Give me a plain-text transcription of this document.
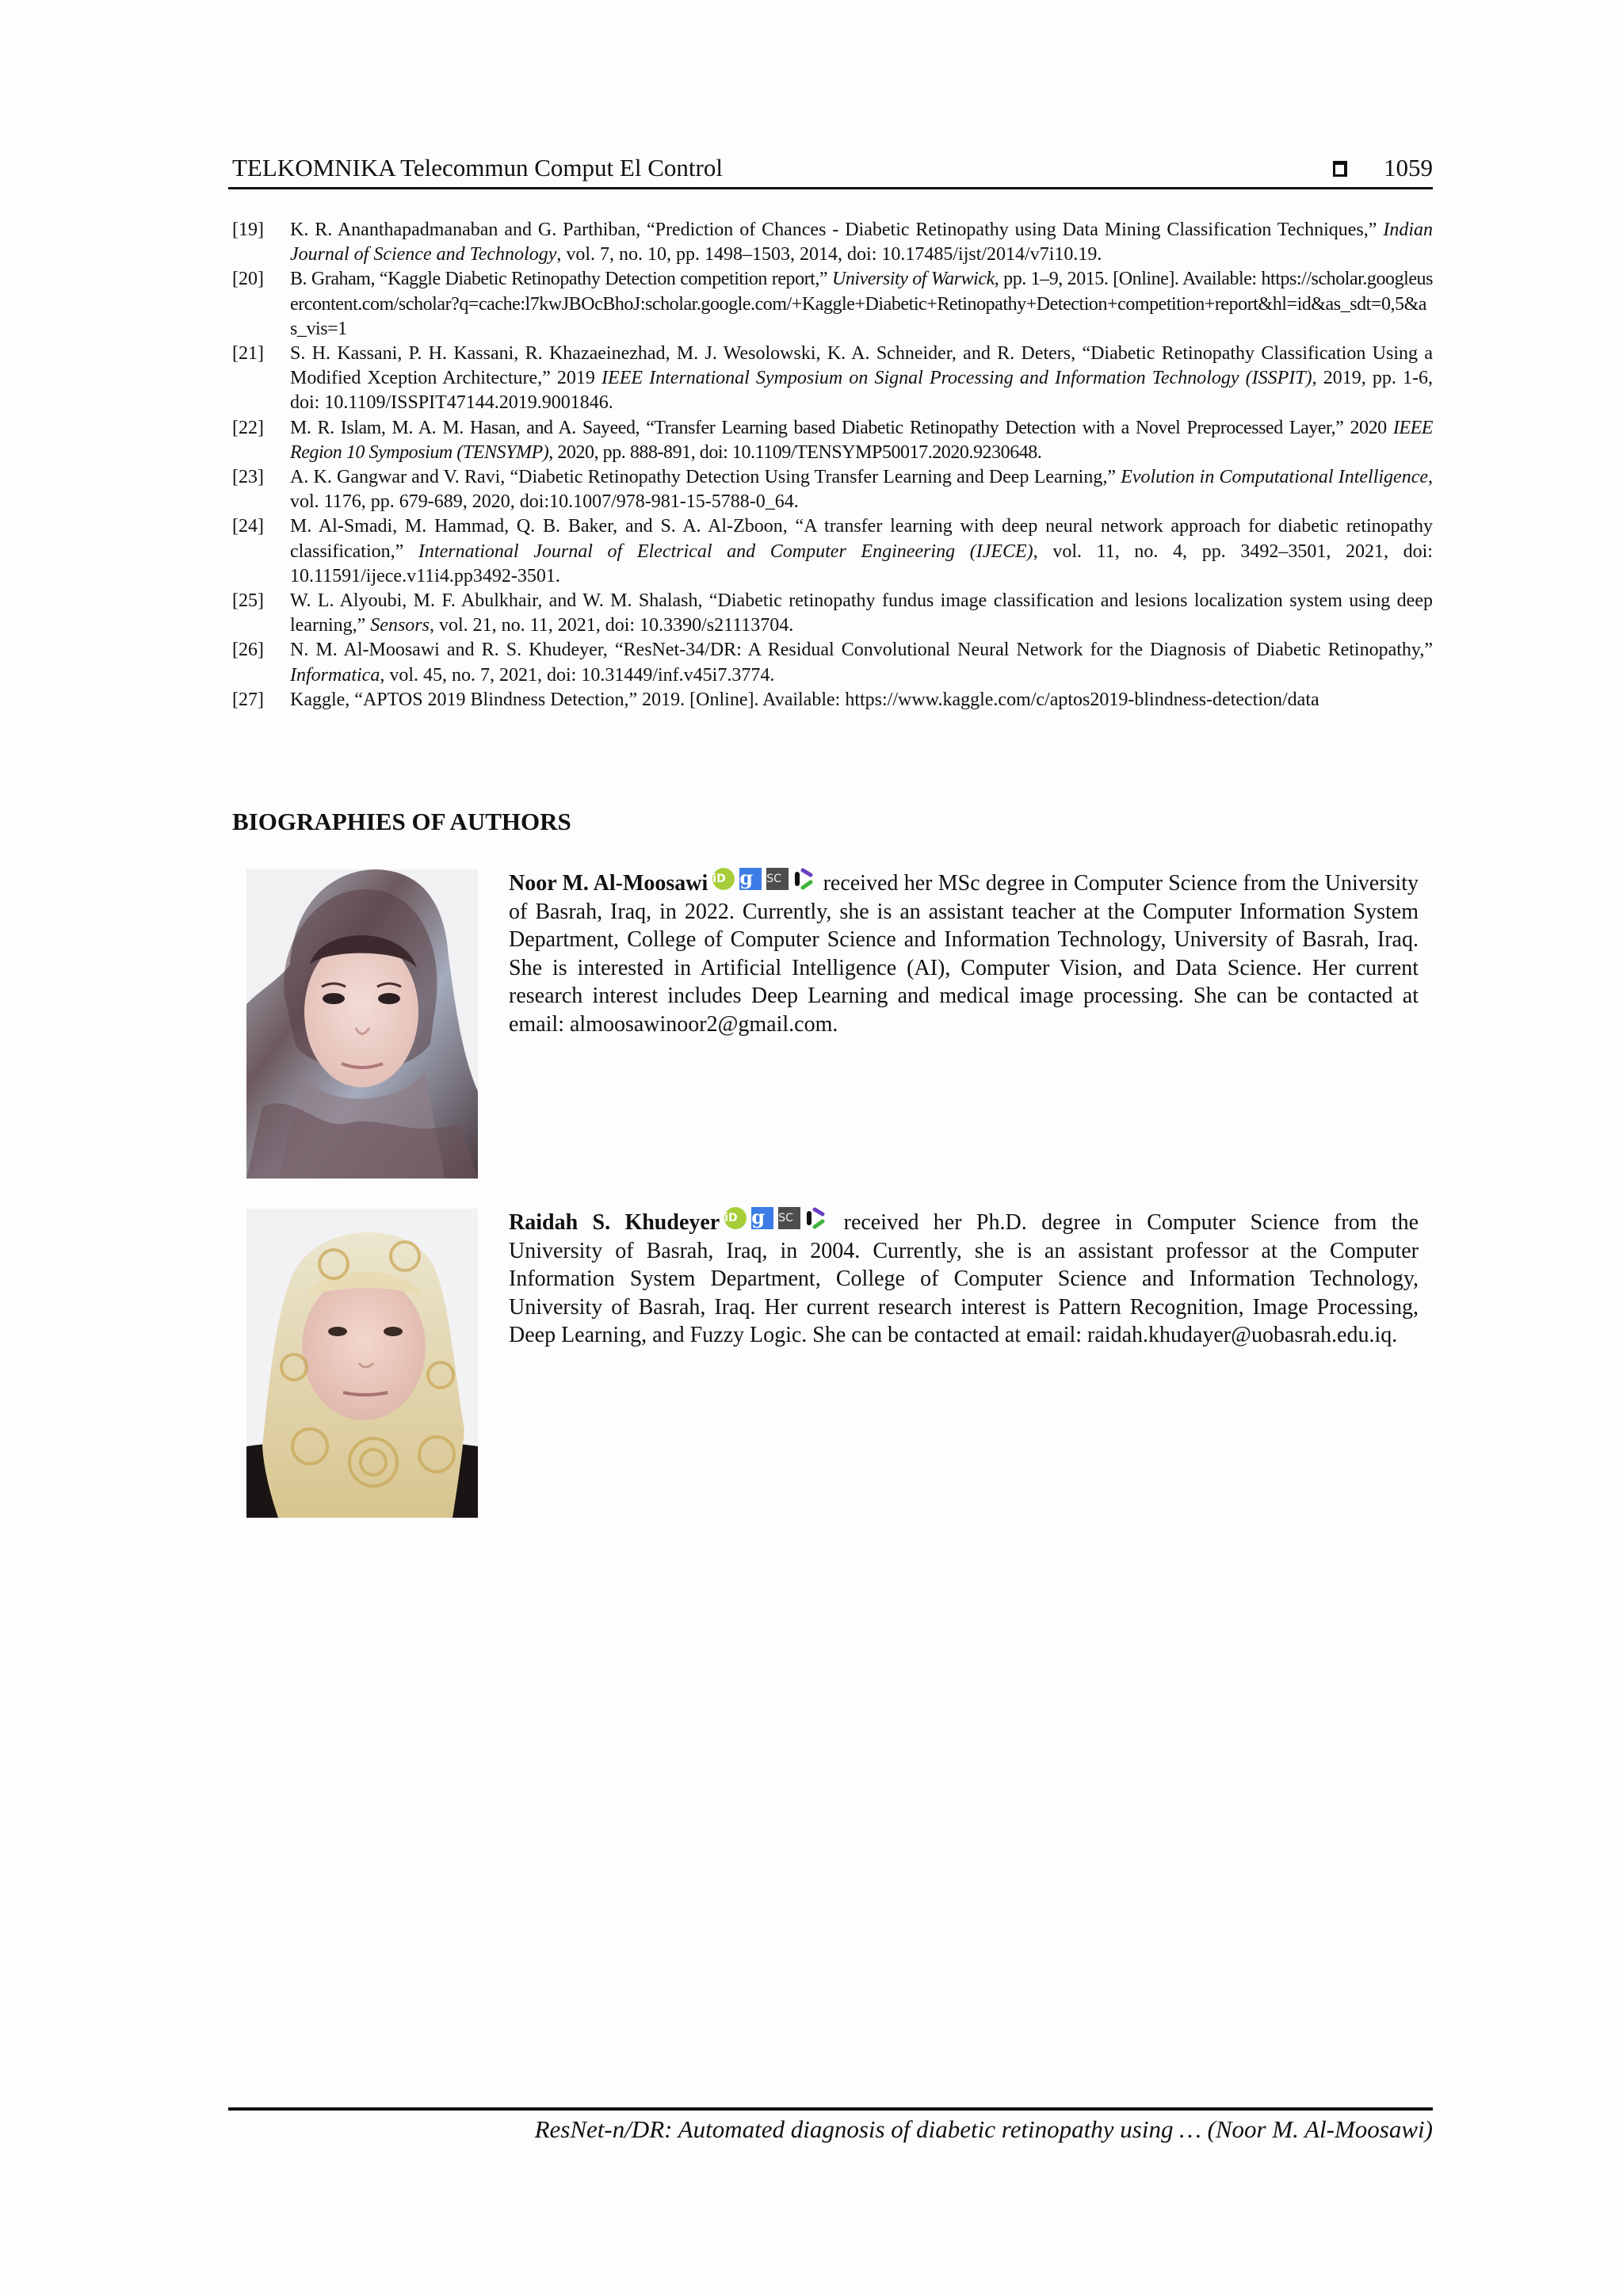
TELKOMNIKA Telecommun Comput El Control	1059
[19]	K. R. Ananthapadmanaban and G. Parthiban, “Prediction of Chances - Diabetic Retinopathy using Data Mining Classification Techniques,” Indian Journal of Science and Technology, vol. 7, no. 10, pp. 1498–1503, 2014, doi: 10.17485/ijst/2014/v7i10.19.
[20]	B. Graham, “Kaggle Diabetic Retinopathy Detection competition report,” University of Warwick, pp. 1–9, 2015. [Online]. Available: https://scholar.googleusercontent.com/scholar?q=cache:l7kwJBOcBhoJ:scholar.google.com/+Kaggle+Diabetic+Retinopathy+Detection+competition+report&hl=id&as_sdt=0,5&as_vis=1
[21]	S. H. Kassani, P. H. Kassani, R. Khazaeinezhad, M. J. Wesolowski, K. A. Schneider, and R. Deters, “Diabetic Retinopathy Classification Using a Modified Xception Architecture,” 2019 IEEE International Symposium on Signal Processing and Information Technology (ISSPIT), 2019, pp. 1-6, doi: 10.1109/ISSPIT47144.2019.9001846.
[22]	M. R. Islam, M. A. M. Hasan, and A. Sayeed, “Transfer Learning based Diabetic Retinopathy Detection with a Novel Preprocessed Layer,” 2020 IEEE Region 10 Symposium (TENSYMP), 2020, pp. 888-891, doi: 10.1109/TENSYMP50017.2020.9230648.
[23]	A. K. Gangwar and V. Ravi, “Diabetic Retinopathy Detection Using Transfer Learning and Deep Learning,” Evolution in Computational Intelligence, vol. 1176, pp. 679-689, 2020, doi:10.1007/978-981-15-5788-0_64.
[24]	M. Al-Smadi, M. Hammad, Q. B. Baker, and S. A. Al-Zboon, “A transfer learning with deep neural network approach for diabetic retinopathy classification,” International Journal of Electrical and Computer Engineering (IJECE), vol. 11, no. 4, pp. 3492–3501, 2021, doi: 10.11591/ijece.v11i4.pp3492-3501.
[25]	W. L. Alyoubi, M. F. Abulkhair, and W. M. Shalash, “Diabetic retinopathy fundus image classification and lesions localization system using deep learning,” Sensors, vol. 21, no. 11, 2021, doi: 10.3390/s21113704.
[26]	N. M. Al-Moosawi and R. S. Khudeyer, “ResNet-34/DR: A Residual Convolutional Neural Network for the Diagnosis of Diabetic Retinopathy,” Informatica, vol. 45, no. 7, 2021, doi: 10.31449/inf.v45i7.3774.
[27]	Kaggle, “APTOS 2019 Blindness Detection,” 2019. [Online]. Available: https://www.kaggle.com/c/aptos2019-blindness-detection/data
BIOGRAPHIES OF AUTHORS
Noor M. Al-Moosawi iD g	SC	received her MSc degree in Computer Science from the University of Basrah, Iraq, in 2022. Currently, she is an assistant teacher at the Computer Information System Department, College of Computer Science and Information Technology, University of Basrah, Iraq. She is interested in Artificial Intelligence (AI), Computer Vision, and Data Science. Her current research interest includes Deep Learning and medical image processing. She can be contacted at email: almoosawinoor2@gmail.com.
Raidah S. Khudeyer iD g	SC	received her Ph.D. degree in Computer Science from the University of Basrah, Iraq, in 2004. Currently, she is an assistant professor at the Computer Information System Department, College of Computer Science and Information Technology, University of Basrah, Iraq. Her current research interest is Pattern Recognition, Image Processing, Deep Learning, and Fuzzy Logic. She can be contacted at email: raidah.khudayer@uobasrah.edu.iq.
ResNet-n/DR: Automated diagnosis of diabetic retinopathy using … (Noor M. Al-Moosawi)
